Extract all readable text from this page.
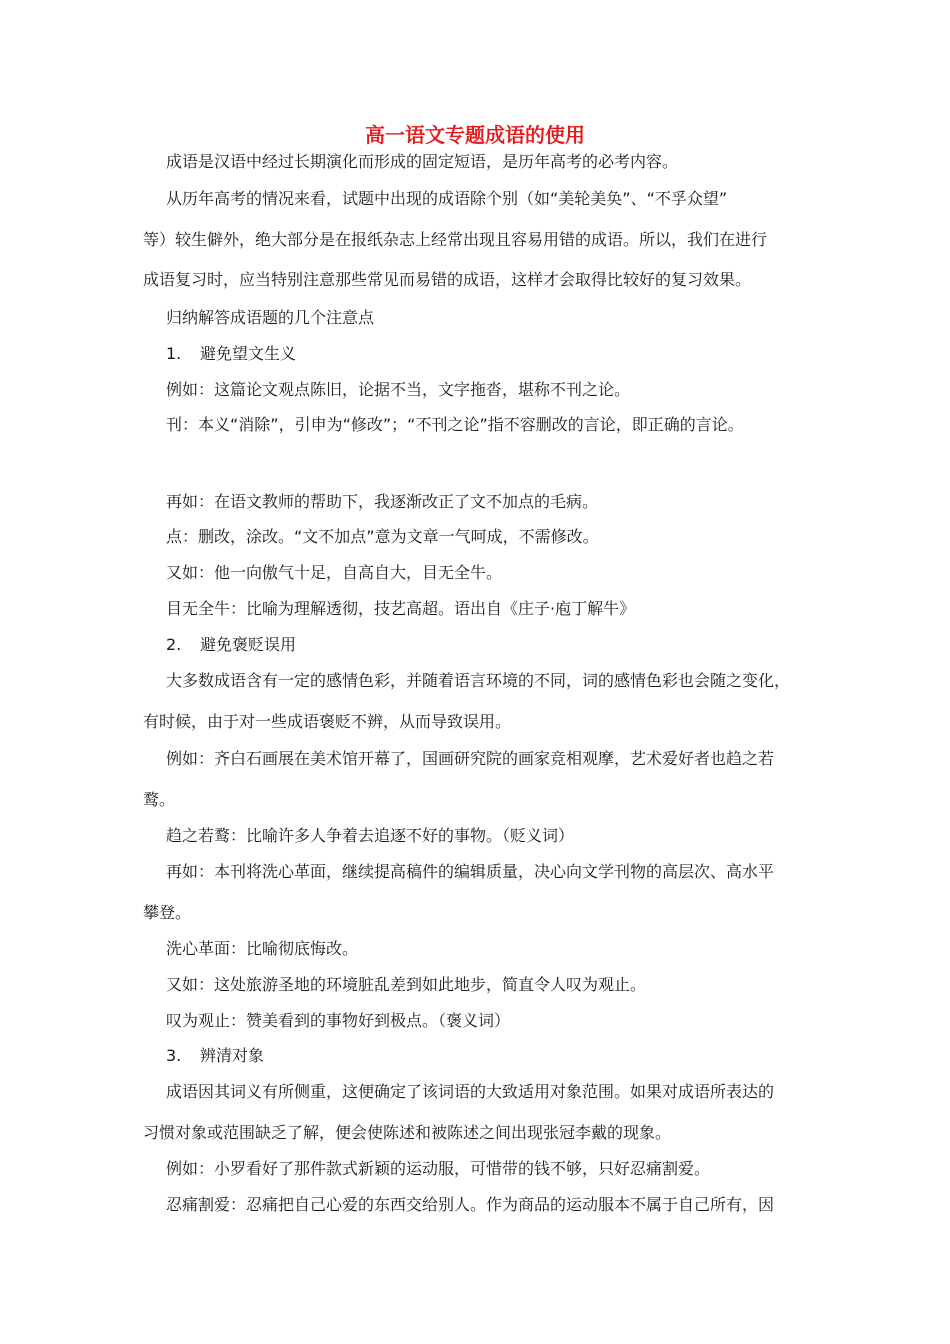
高一语文专题成语的使用

成语是汉语中经过长期演化而形成的固定短语，是历年高考的必考内容。

从历年高考的情况来看，试题中出现的成语除个别（如“美轮美奂”、“不孚众望”

等）较生僻外，绝大部分是在报纸杂志上经常出现且容易用错的成语。所以，我们在进行

成语复习时，应当特别注意那些常见而易错的成语，这样才会取得比较好的复习效果。

归纳解答成语题的几个注意点

1. 避免望文生义

例如：这篇论文观点陈旧，论据不当，文字拖沓，堪称不刊之论。

刊：本义“消除”，引申为“修改”；“不刊之论”指不容删改的言论，即正确的言论。

再如：在语文教师的帮助下，我逐渐改正了文不加点的毛病。

点：删改，涂改。“文不加点”意为文章一气呵成，不需修改。

又如：他一向傲气十足，自高自大，目无全牛。

目无全牛：比喻为理解透彻，技艺高超。语出自《庄子·庖丁解牛》

2. 避免褒贬误用

大多数成语含有一定的感情色彩，并随着语言环境的不同，词的感情色彩也会随之变化，

有时候，由于对一些成语褒贬不辨，从而导致误用。

例如：齐白石画展在美术馆开幕了，国画研究院的画家竞相观摩，艺术爱好者也趋之若

鹜。

趋之若鹜：比喻许多人争着去追逐不好的事物。（贬义词）

再如：本刊将洗心革面，继续提高稿件的编辑质量，决心向文学刊物的高层次、高水平

攀登。

洗心革面：比喻彻底悔改。

又如：这处旅游圣地的环境脏乱差到如此地步，简直令人叹为观止。

叹为观止：赞美看到的事物好到极点。（褒义词）

3. 辨清对象

成语因其词义有所侧重，这便确定了该词语的大致适用对象范围。如果对成语所表达的

习惯对象或范围缺乏了解，便会使陈述和被陈述之间出现张冠李戴的现象。

例如：小罗看好了那件款式新颖的运动服，可惜带的钱不够，只好忍痛割爱。

忍痛割爱：忍痛把自己心爱的东西交给别人。作为商品的运动服本不属于自己所有，因
